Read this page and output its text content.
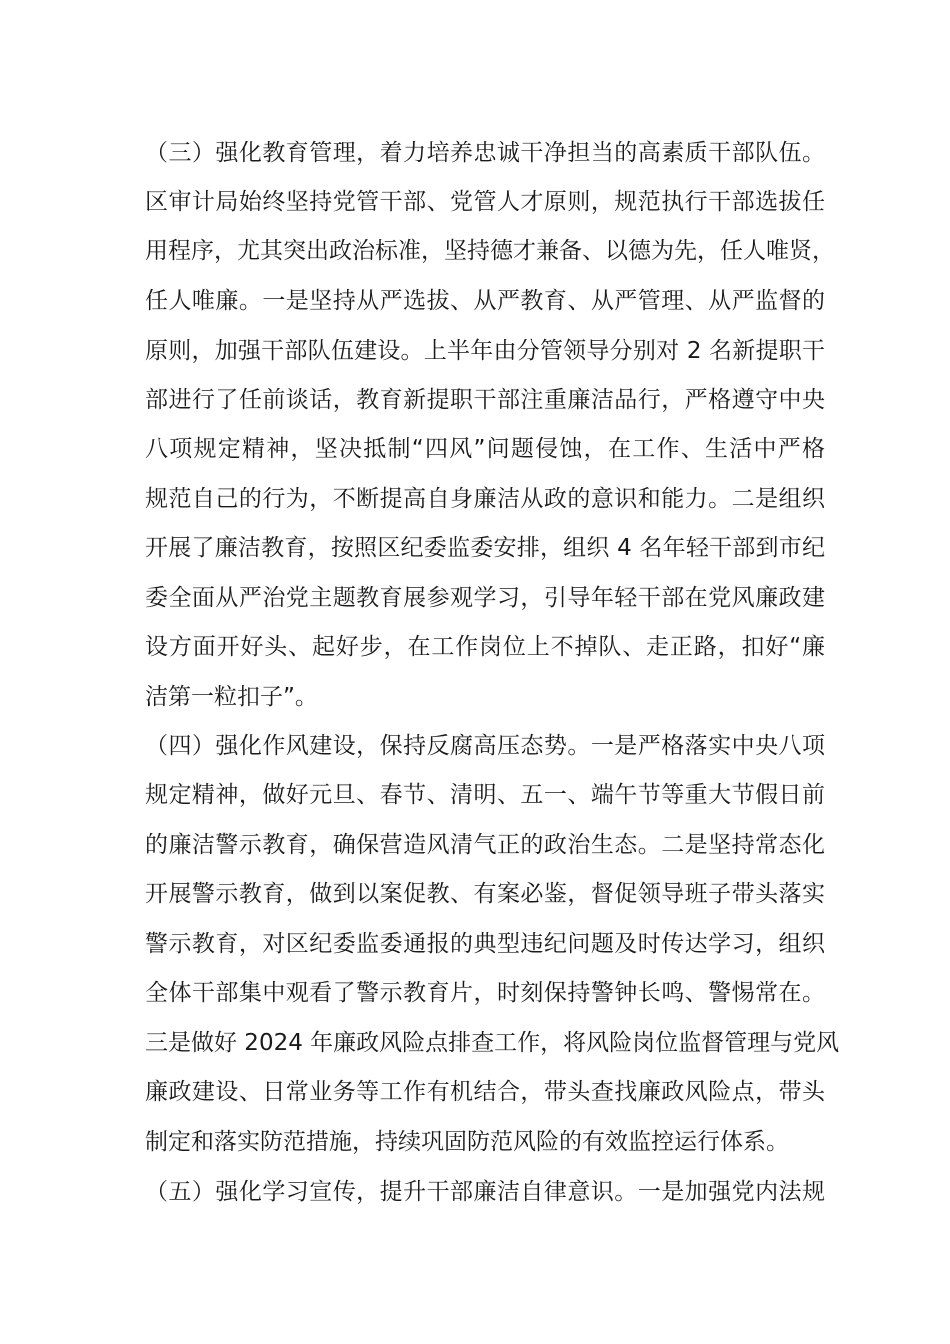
（三）强化教育管理，着力培养忠诚干净担当的高素质干部队伍。
区审计局始终坚持党管干部、党管人才原则，规范执行干部选拔任
用程序，尤其突出政治标准，坚持德才兼备、以德为先，任人唯贤，
任人唯廉。一是坚持从严选拔、从严教育、从严管理、从严监督的
原则，加强干部队伍建设。上半年由分管领导分别对 2 名新提职干
部进行了任前谈话，教育新提职干部注重廉洁品行，严格遵守中央
八项规定精神，坚决抵制“四风”问题侵蚀，在工作、生活中严格
规范自己的行为，不断提高自身廉洁从政的意识和能力。二是组织
开展了廉洁教育，按照区纪委监委安排，组织 4 名年轻干部到市纪
委全面从严治党主题教育展参观学习，引导年轻干部在党风廉政建
设方面开好头、起好步，在工作岗位上不掉队、走正路，扣好“廉
洁第一粒扣子”。
（四）强化作风建设，保持反腐高压态势。一是严格落实中央八项
规定精神，做好元旦、春节、清明、五一、端午节等重大节假日前
的廉洁警示教育，确保营造风清气正的政治生态。二是坚持常态化
开展警示教育，做到以案促教、有案必鉴，督促领导班子带头落实
警示教育，对区纪委监委通报的典型违纪问题及时传达学习，组织
全体干部集中观看了警示教育片，时刻保持警钟长鸣、警惕常在。
三是做好 2024 年廉政风险点排查工作，将风险岗位监督管理与党风
廉政建设、日常业务等工作有机结合，带头查找廉政风险点，带头
制定和落实防范措施，持续巩固防范风险的有效监控运行体系。
（五）强化学习宣传，提升干部廉洁自律意识。一是加强党内法规
